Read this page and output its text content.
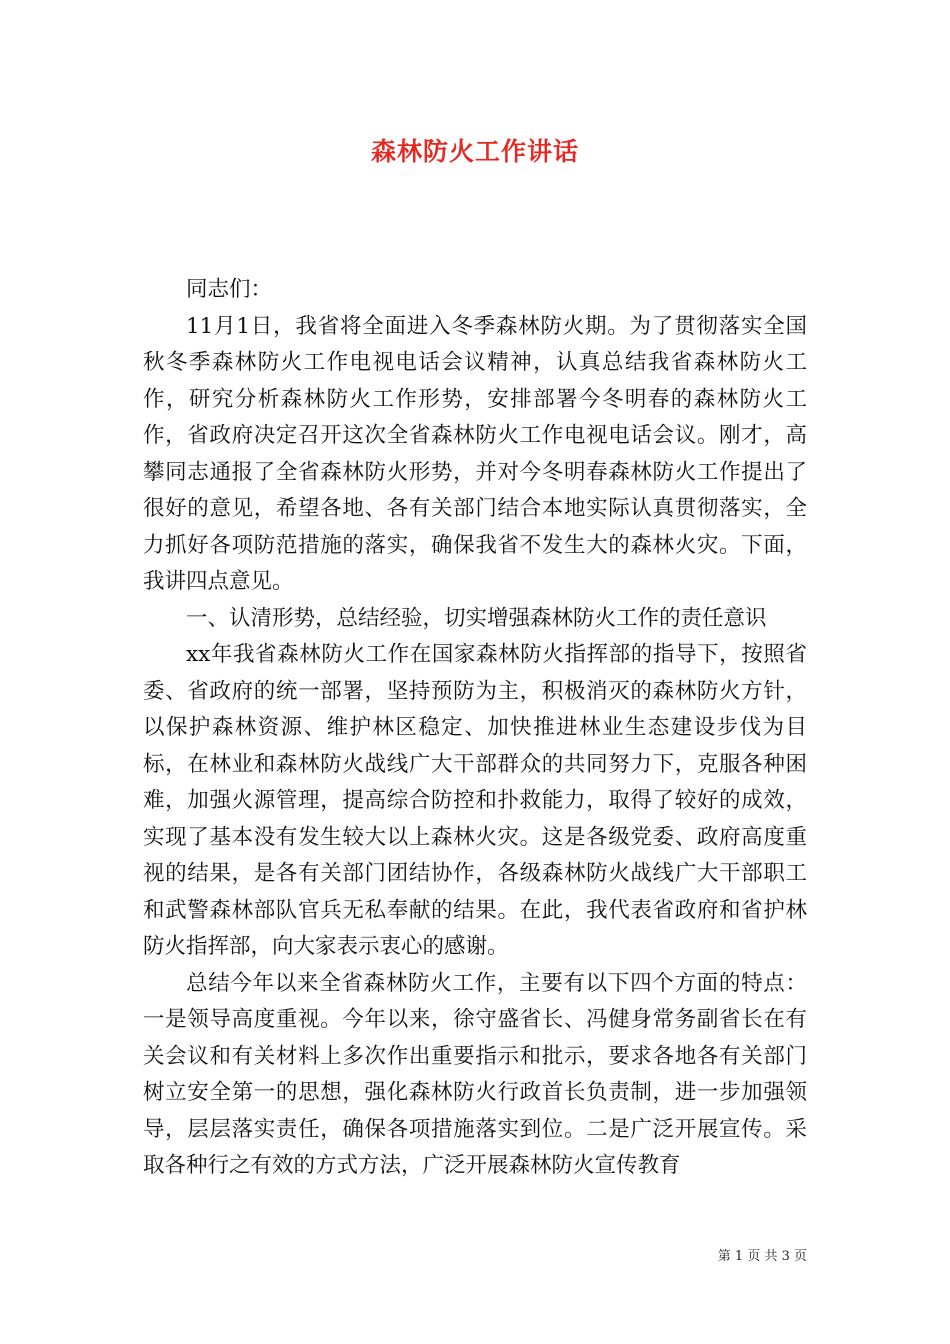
森林防火工作讲话

同志们：

11月1日，我省将全面进入冬季森林防火期。为了贯彻落实全国秋冬季森林防火工作电视电话会议精神，认真总结我省森林防火工作，研究分析森林防火工作形势，安排部署今冬明春的森林防火工作，省政府决定召开这次全省森林防火工作电视电话会议。刚才，高攀同志通报了全省森林防火形势，并对今冬明春森林防火工作提出了很好的意见，希望各地、各有关部门结合本地实际认真贯彻落实，全力抓好各项防范措施的落实，确保我省不发生大的森林火灾。下面，我讲四点意见。

一、认清形势，总结经验，切实增强森林防火工作的责任意识

xx年我省森林防火工作在国家森林防火指挥部的指导下，按照省委、省政府的统一部署，坚持预防为主，积极消灭的森林防火方针，以保护森林资源、维护林区稳定、加快推进林业生态建设步伐为目标，在林业和森林防火战线广大干部群众的共同努力下，克服各种困难，加强火源管理，提高综合防控和扑救能力，取得了较好的成效，实现了基本没有发生较大以上森林火灾。这是各级党委、政府高度重视的结果，是各有关部门团结协作，各级森林防火战线广大干部职工和武警森林部队官兵无私奉献的结果。在此，我代表省政府和省护林防火指挥部，向大家表示衷心的感谢。

总结今年以来全省森林防火工作，主要有以下四个方面的特点：一是领导高度重视。今年以来，徐守盛省长、冯健身常务副省长在有关会议和有关材料上多次作出重要指示和批示，要求各地各有关部门树立安全第一的思想，强化森林防火行政首长负责制，进一步加强领导，层层落实责任，确保各项措施落实到位。二是广泛开展宣传。采取各种行之有效的方式方法，广泛开展森林防火宣传教育

第 1 页 共 3 页
